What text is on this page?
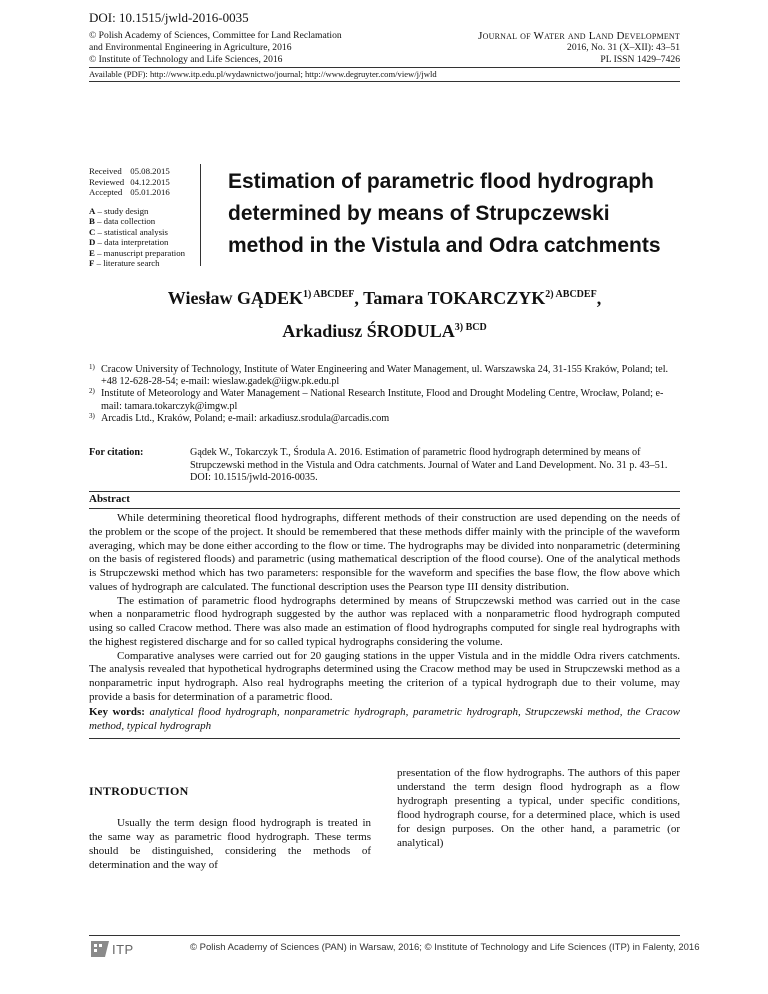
DOI: 10.1515/jwld-2016-0035
© Polish Academy of Sciences, Committee for Land Reclamation
and Environmental Engineering in Agriculture, 2016
© Institute of Technology and Life Sciences, 2016
Journal of Water and Land Development
2016, No. 31 (X–XII): 43–51
PL ISSN 1429–7426
Available (PDF): http://www.itp.edu.pl/wydawnictwo/journal; http://www.degruyter.com/view/j/jwld
Received	05.08.2015
Reviewed	04.12.2015
Accepted	05.01.2016
A – study design
B – data collection
C – statistical analysis
D – data interpretation
E – manuscript preparation
F – literature search
Estimation of parametric flood hydrograph determined by means of Strupczewski method in the Vistula and Odra catchments
Wiesław $GĄDEK^{1) ABCDEF}$, Tamara $TOKARCZYK^{2) ABCDEF}$,
Arkadiusz $ŚRODULA^{3) BCD}$
1) Cracow University of Technology, Institute of Water Engineering and Water Management, ul. Warszawska 24, 31-155 Kraków, Poland; tel. +48 12-628-28-54; e-mail: wieslaw.gadek@iigw.pk.edu.pl
2) Institute of Meteorology and Water Management – National Research Institute, Flood and Drought Modeling Centre, Wrocław, Poland; e-mail: tamara.tokarczyk@imgw.pl
3) Arcadis Ltd., Kraków, Poland; e-mail: arkadiusz.srodula@arcadis.com
For citation:	Gądek W., Tokarczyk T., Środula A. 2016. Estimation of parametric flood hydrograph determined by means of Strupczewski method in the Vistula and Odra catchments. Journal of Water and Land Development. No. 31 p. 43–51. DOI: 10.1515/jwld-2016-0035.
Abstract

While determining theoretical flood hydrographs, different methods of their construction are used depending on the needs of the problem or the scope of the project. It should be remembered that these methods differ mainly with the principle of the waveform averaging, which may be done either according to the flow or time. The hydrographs may be divided into nonparametric (determining on the basis of registered floods) and parametric (using mathematical description of the flood course). One of the analytical methods is Strupczewski method which has two parameters: responsible for the waveform and specifies the base flow, the flow above which values of hydrograph are calculated. The functional description uses the Pearson type III density distribution.

The estimation of parametric flood hydrographs determined by means of Strupczewski method was carried out in the case when a nonparametric flood hydrograph suggested by the author was replaced with a nonparametric flood hydrograph computed using so called Cracow method. There was also made an estimation of flood hydrographs computed for single real hydrographs with the highest registered discharge and for so called typical hydrographs considering the volume.

Comparative analyses were carried out for 20 gauging stations in the upper Vistula and in the middle Odra rivers catchments. The analysis revealed that hypothetical hydrographs determined using the Cracow method may be used in Strupczewski method as a nonparametric input hydrograph. Also real hydrographs meeting the criterion of a typical hydrograph due to their volume, may provide a basis for determination of a parametric flood.

Key words: analytical flood hydrograph, nonparametric hydrograph, parametric hydrograph, Strupczewski method, the Cracow method, typical hydrograph
INTRODUCTION

Usually the term design flood hydrograph is treated in the same way as parametric flood hydrograph. These terms should be distinguished, considering the methods of determination and the way of

presentation of the flow hydrographs. The authors of this paper understand the term design flood hydrograph as a flow hydrograph presenting a typical, under specific conditions, flood hydrograph course, for a determined place, which is used for design purposes. On the other hand, a parametric (or analytical)

ITP	© Polish Academy of Sciences (PAN) in Warsaw, 2016; © Institute of Technology and Life Sciences (ITP) in Falenty, 2016
